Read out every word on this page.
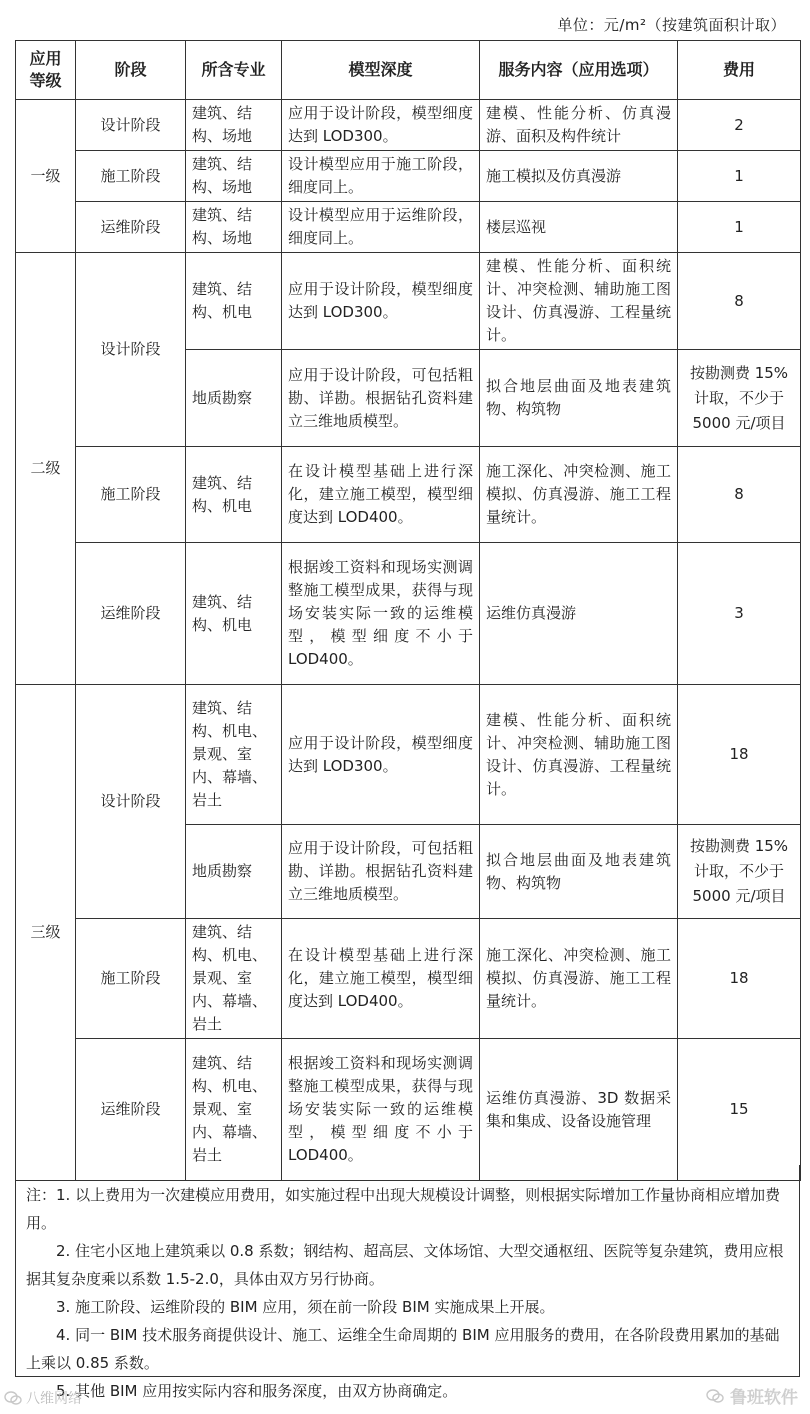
单位：元/m²（按建筑面积计取）
应用等级	阶段	所含专业	模型深度	服务内容（应用选项）	费用
一级	设计阶段	建筑、结构、场地	应用于设计阶段，模型细度达到 LOD300。	建模、性能分析、仿真漫游、面积及构件统计	2
	施工阶段	建筑、结构、场地	设计模型应用于施工阶段，细度同上。	施工模拟及仿真漫游	1
	运维阶段	建筑、结构、场地	设计模型应用于运维阶段，细度同上。	楼层巡视	1
二级	设计阶段	建筑、结构、机电	应用于设计阶段，模型细度达到 LOD300。	建模、性能分析、面积统计、冲突检测、辅助施工图设计、仿真漫游、工程量统计。	8
		地质勘察	应用于设计阶段，可包括粗勘、详勘。根据钻孔资料建立三维地质模型。	拟合地层曲面及地表建筑物、构筑物	按勘测费 15% 计取，不少于 5000 元/项目
	施工阶段	建筑、结构、机电	在设计模型基础上进行深化，建立施工模型，模型细度达到 LOD400。	施工深化、冲突检测、施工模拟、仿真漫游、施工工程量统计。	8
	运维阶段	建筑、结构、机电	根据竣工资料和现场实测调整施工模型成果，获得与现场安装实际一致的运维模型，模型细度不小于 LOD400。	运维仿真漫游	3
三级	设计阶段	建筑、结构、机电、景观、室内、幕墙、岩土	应用于设计阶段，模型细度达到 LOD300。	建模、性能分析、面积统计、冲突检测、辅助施工图设计、仿真漫游、工程量统计。	18
		地质勘察	应用于设计阶段，可包括粗勘、详勘。根据钻孔资料建立三维地质模型。	拟合地层曲面及地表建筑物、构筑物	按勘测费 15% 计取，不少于 5000 元/项目
	施工阶段	建筑、结构、机电、景观、室内、幕墙、岩土	在设计模型基础上进行深化，建立施工模型，模型细度达到 LOD400。	施工深化、冲突检测、施工模拟、仿真漫游、施工工程量统计。	18
	运维阶段	建筑、结构、机电、景观、室内、幕墙、岩土	根据竣工资料和现场实测调整施工模型成果，获得与现场安装实际一致的运维模型，模型细度不小于 LOD400。	运维仿真漫游、3D 数据采集和集成、设备设施管理	15

注：1. 以上费用为一次建模应用费用，如实施过程中出现大规模设计调整，则根据实际增加工作量协商相应增加费用。

2. 住宅小区地上建筑乘以 0.8 系数；钢结构、超高层、文体场馆、大型交通枢纽、医院等复杂建筑，费用应根据其复杂度乘以系数 1.5-2.0，具体由双方另行协商。

3. 施工阶段、运维阶段的 BIM 应用，须在前一阶段 BIM 实施成果上开展。

4. 同一 BIM 技术服务商提供设计、施工、运维全生命周期的 BIM 应用服务的费用，在各阶段费用累加的基础上乘以 0.85 系数。

5. 其他 BIM 应用按实际内容和服务深度，由双方协商确定。

八维网络	鲁班软件
